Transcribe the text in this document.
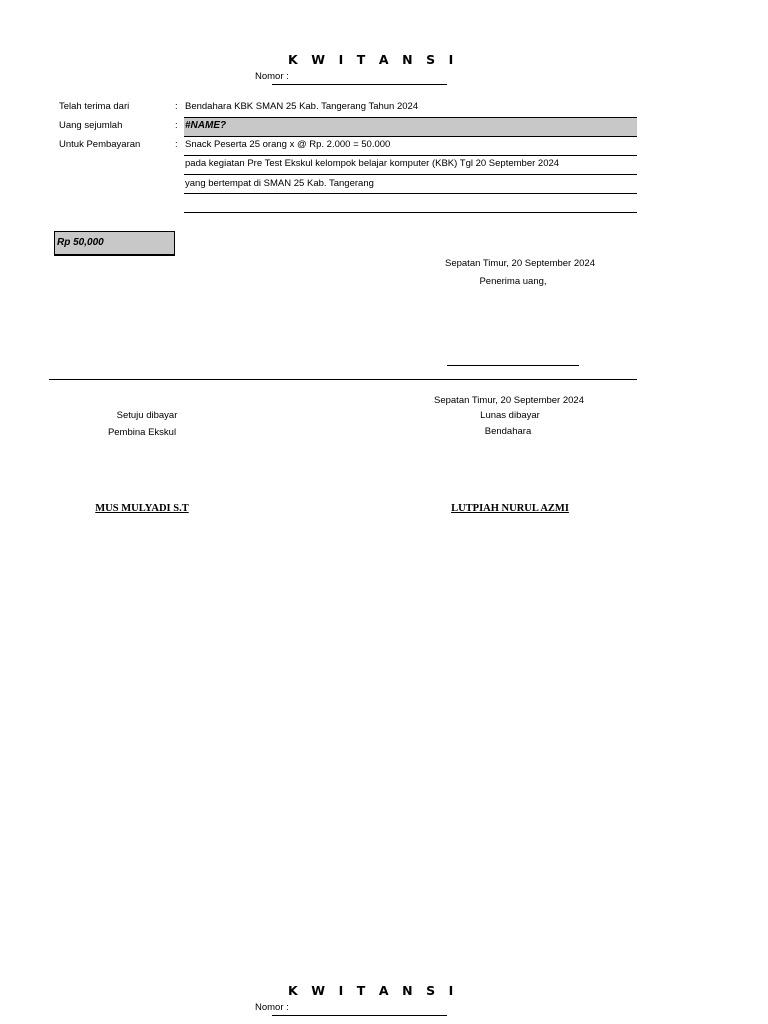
K W I T A N S I
Nomor :
Telah terima dari	: Bendahara KBK SMAN 25 Kab. Tangerang Tahun 2024
Uang sejumlah	: #NAME?
Untuk Pembayaran	: Snack Peserta 25 orang x @ Rp. 2.000 = 50.000
pada kegiatan Pre Test Ekskul kelompok belajar komputer (KBK) Tgl 20 September 2024
yang bertempat di SMAN 25 Kab. Tangerang
Rp 50,000
Sepatan Timur, 20 September 2024
Penerima uang,
Sepatan Timur, 20 September 2024
Setuju dibayar
Pembina Ekskul
Lunas dibayar
Bendahara
MUS MULYADI S.T	LUTPIAH NURUL AZMI
K W I T A N S I
Nomor :
